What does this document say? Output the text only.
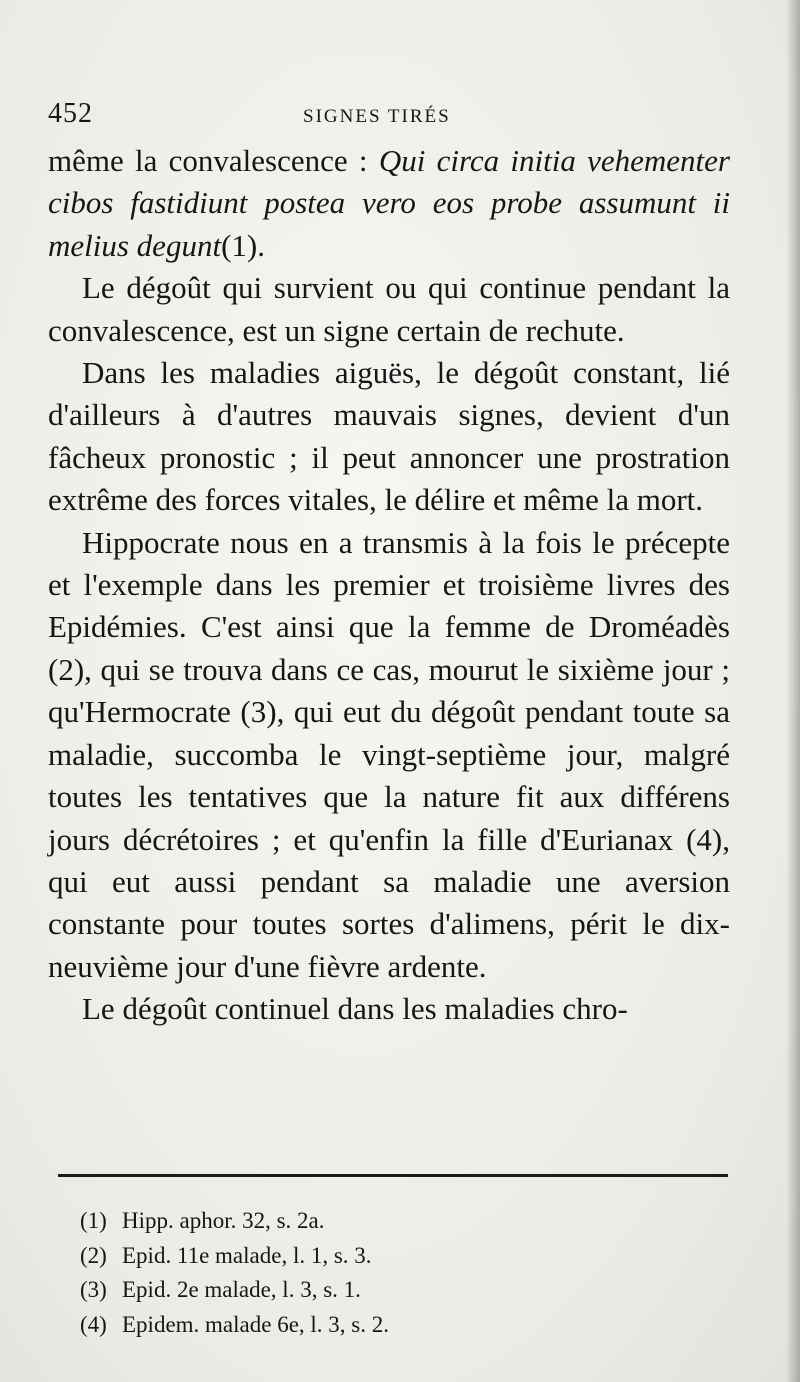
452	SIGNES TIRÉS

même la convalescence : Qui circa initia vehementer cibos fastidiunt postea vero eos probe assumunt ii melius degunt(1).

Le dégoût qui survient ou qui continue pendant la convalescence, est un signe certain de rechute.

Dans les maladies aiguës, le dégoût constant, lié d'ailleurs à d'autres mauvais signes, devient d'un fâcheux pronostic ; il peut annoncer une prostration extrême des forces vitales, le délire et même la mort.

Hippocrate nous en a transmis à la fois le précepte et l'exemple dans les premier et troisième livres des Epidémies. C'est ainsi que la femme de Droméadès (2), qui se trouva dans ce cas, mourut le sixième jour ; qu'Hermocrate (3), qui eut du dégoût pendant toute sa maladie, succomba le vingt-septième jour, malgré toutes les tentatives que la nature fit aux différens jours décrétoires ; et qu'enfin la fille d'Eurianax (4), qui eut aussi pendant sa maladie une aversion constante pour toutes sortes d'alimens, périt le dix-neuvième jour d'une fièvre ardente.

Le dégoût continuel dans les maladies chro-

(1) Hipp. aphor. 32, s. 2a.
(2) Epid. 11e malade, l. 1, s. 3.
(3) Epid. 2e malade, l. 3, s. 1.
(4) Epidem. malade 6e, l. 3, s. 2.
